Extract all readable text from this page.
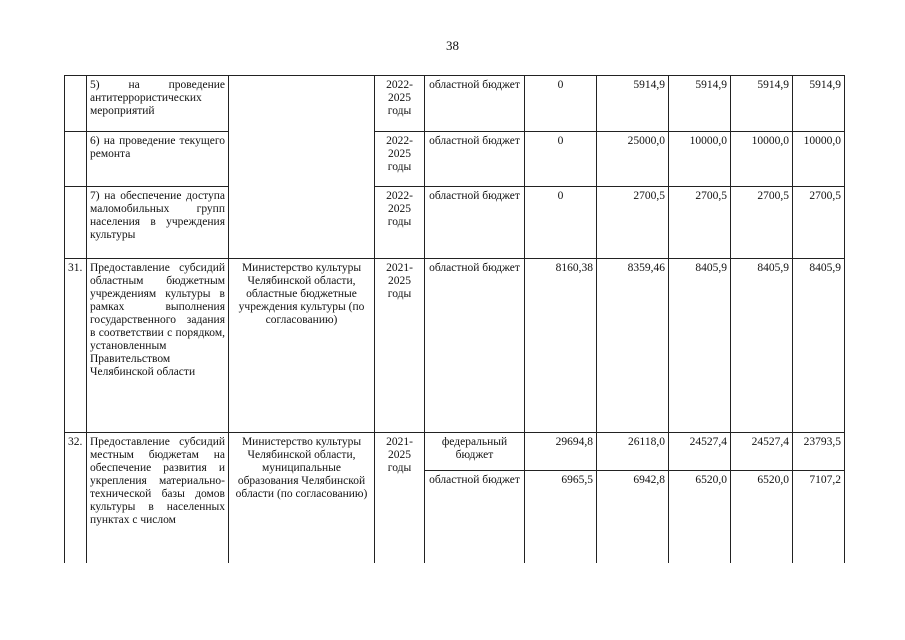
38
	5) на проведение антитеррористических мероприятий		2022-2025 годы	областной бюджет	0	5914,9	5914,9	5914,9	5914,9
	6) на проведение текущего ремонта		2022-2025 годы	областной бюджет	0	25000,0	10000,0	10000,0	10000,0
	7) на обеспечение доступа маломобильных групп населения в учреждения культуры		2022-2025 годы	областной бюджет	0	2700,5	2700,5	2700,5	2700,5
31.	Предоставление субсидий областным бюджетным учреждениям культуры в рамках выполнения государственного задания в соответствии с порядком, установленным Правительством Челябинской области	Министерство культуры Челябинской области, областные бюджетные учреждения культуры (по согласованию)	2021-2025 годы	областной бюджет	8160,38	8359,46	8405,9	8405,9	8405,9
32.	Предоставление субсидий местным бюджетам на обеспечение развития и укрепления материально-технической базы домов культуры в населенных пунктах с числом	Министерство культуры Челябинской области, муниципальные образования Челябинской области (по согласованию)	2021-2025 годы	федеральный бюджет	29694,8	26118,0	24527,4	24527,4	23793,5
				областной бюджет	6965,5	6942,8	6520,0	6520,0	7107,2
